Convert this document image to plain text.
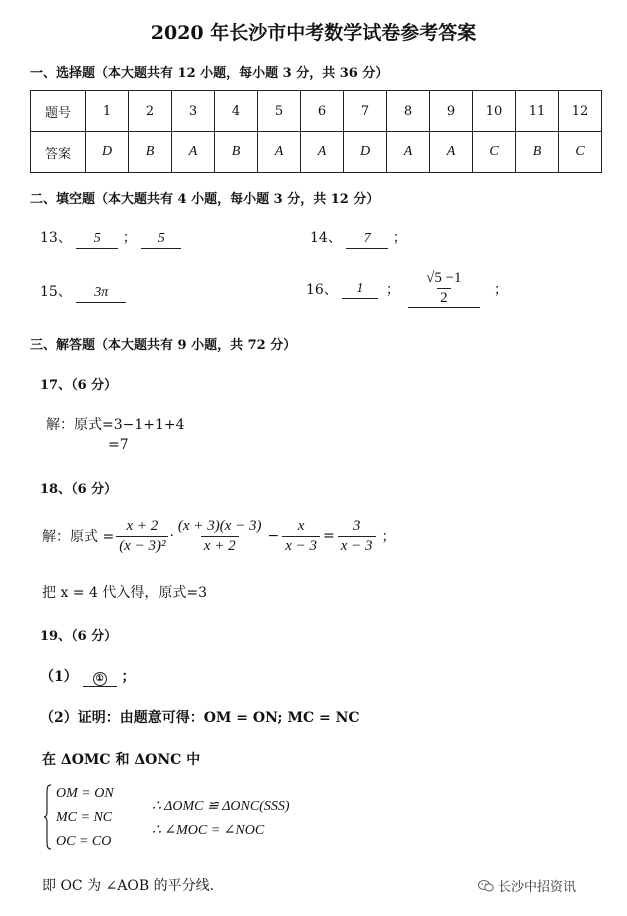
2020 年长沙市中考数学试卷参考答案
一、选择题（本大题共有 12 小题，每小题 3 分，共 36 分）
题号	1	2	3	4	5	6	7	8	9	10	11	12
答案	D	B	A	B	A	A	D	A	A	C	B	C
二、填空题（本大题共有 4 小题，每小题 3 分，共 12 分）
13、 5 ； 5	14、 7 ；
15、 3π	16、	1	； $\frac{√5 -1}{2}$ ；
三、解答题（本大题共有 9 小题，共 72 分）
17、（6 分）
解：原式=3−1+1+4
=7
18、（6 分）
解：原式 = $\frac{x + 2}{\text{(x − 3)²}} \cdot \frac{(x + 3)(x - 3)}{x + 2} - \frac{x}{x - 3} = \frac{3}{x - 3}$ ；
把 x = 4 代入得，原式=3
19、（6 分）
（1） ① ；
（2）证明：由题意可得：OM = ON; MC = NC
在 ΔOMC 和 ΔONC 中
OM = ON
MC = NC
OC = CO
∴ ΔOMC ≌ ΔONC(SSS)
∴ ∠MOC = ∠NOC
即 OC 为 ∠AOB 的平分线.	长沙中招资讯
